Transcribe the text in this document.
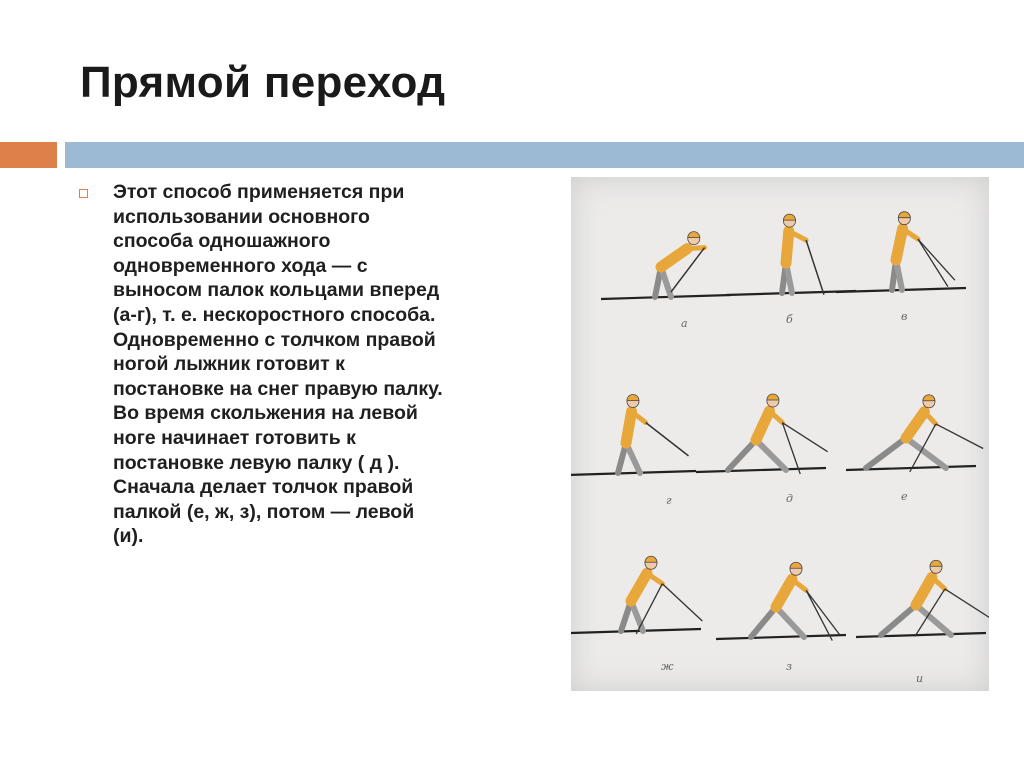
Прямой переход
Этот способ применяется при
использовании основного
способа одношажного
одновременного хода — с
выносом палок кольцами вперед
(а-г), т. е. нескоростного способа.
Одновременно с толчком правой
ногой лыжник готовит к
постановке на снег правую палку.
Во время скольжения на левой
ноге начинает готовить к
постановке левую палку ( д ).
Сначала делает толчок правой
палкой (е, ж, з), потом — левой
(и).
а	б	в
г	д	е
ж	з
и
